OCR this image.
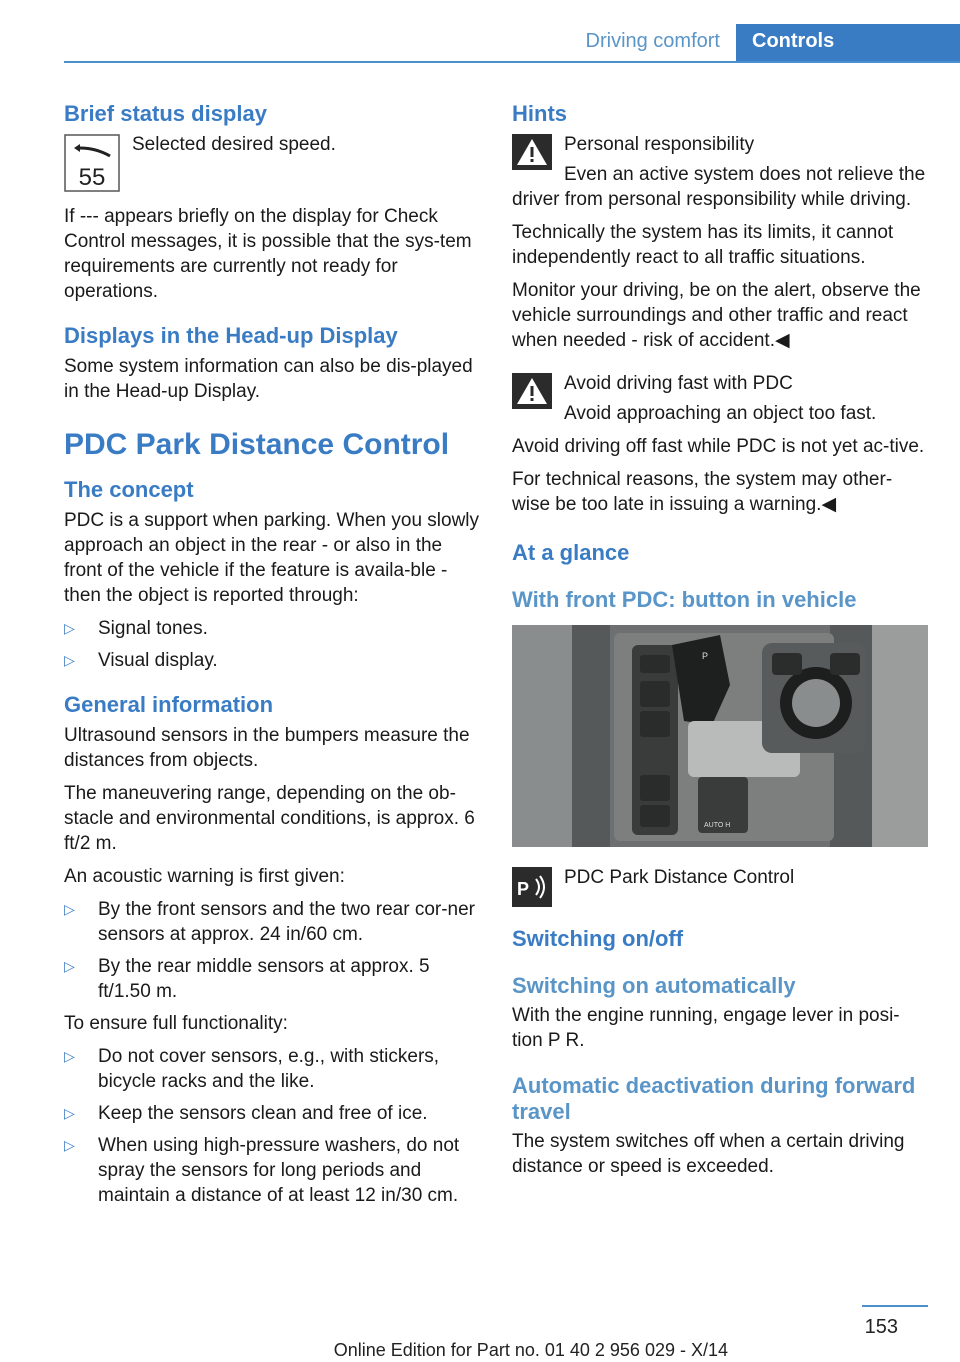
Driving comfort Controls
Brief status display
55

Selected desired speed.

If --- appears briefly on the display for Check Control messages, it is possible that the sys‐tem requirements are currently not ready for operations.

Displays in the Head-up Display

Some system information can also be dis‐played in the Head-up Display.

PDC Park Distance Control
The concept

PDC is a support when parking. When you slowly approach an object in the rear - or also in the front of the vehicle if the feature is availa‐ble - then the object is reported through:

▷ Signal tones.
▷ Visual display.
General information

Ultrasound sensors in the bumpers measure the distances from objects.

The maneuvering range, depending on the ob‐stacle and environmental conditions, is approx. 6 ft/2 m.

An acoustic warning is first given:

▷ By the front sensors and the two rear cor‐ner sensors at approx. 24 in/60 cm.
▷ By the rear middle sensors at approx. 5 ft/1.50 m.

To ensure full functionality:

▷ Do not cover sensors, e.g., with stickers, bicycle racks and the like.
▷ Keep the sensors clean and free of ice.
▷ When using high-pressure washers, do not spray the sensors for long periods and maintain a distance of at least 12 in/30 cm.
Hints

Personal responsibility

Even an active system does not relieve the driver from personal responsibility while driving.

Technically the system has its limits, it cannot independently react to all traffic situations.

Monitor your driving, be on the alert, observe the vehicle surroundings and other traffic and react when needed - risk of accident.◀

Avoid driving fast with PDC

Avoid approaching an object too fast.

Avoid driving off fast while PDC is not yet ac‐tive.

For technical reasons, the system may other‐wise be too late in issuing a warning.◀

At a glance
With front PDC: button in vehicle
P
AUTO H
P

PDC Park Distance Control

Switching on/off
Switching on automatically

With the engine running, engage lever in posi‐tion P R.

Automatic deactivation during forward travel

The system switches off when a certain driving distance or speed is exceeded.

153
Online Edition for Part no. 01 40 2 956 029 - X/14
